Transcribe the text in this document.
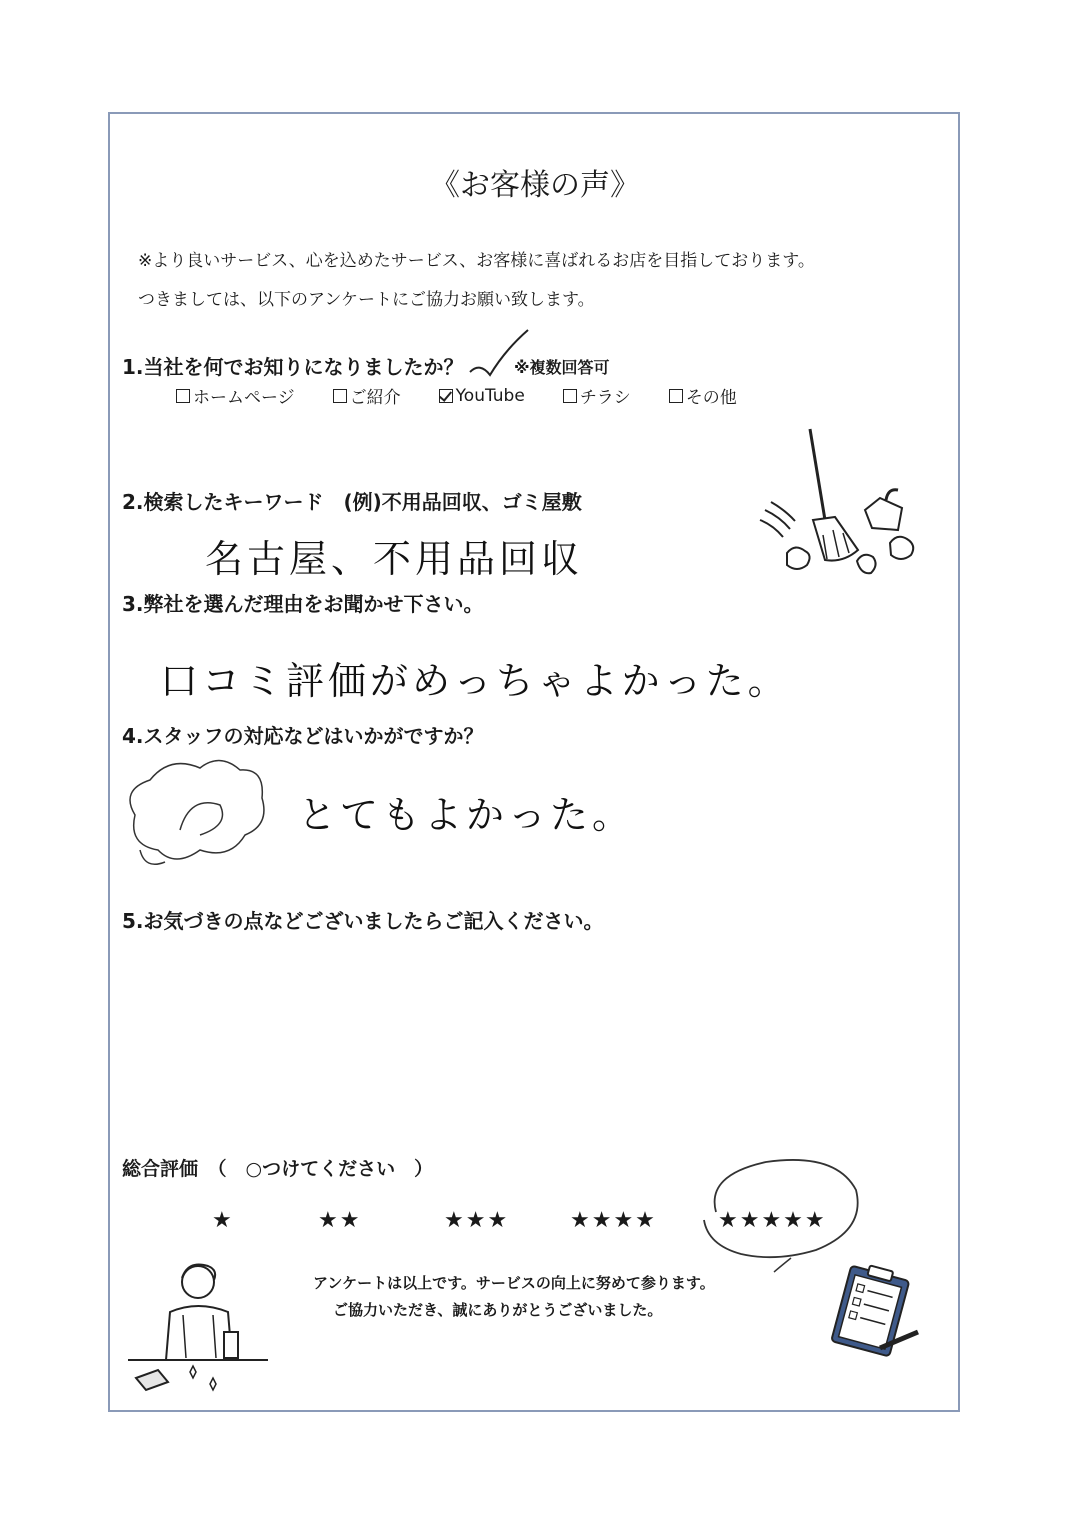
《お客様の声》
※より良いサービス、心を込めたサービス、お客様に喜ばれるお店を目指しております。
つきましては、以下のアンケートにご協力お願い致します。
1.当社を何でお知りになりましたか？	※複数回答可
ホームページ	ご紹介	YouTube	チラシ	その他
2.検索したキーワード　(例)不用品回収、ゴミ屋敷
名古屋、不用品回収
3.弊社を選んだ理由をお聞かせ下さい。
口コミ評価がめっちゃよかった。
4.スタッフの対応などはいかがですか？
とてもよかった。
5.お気づきの点などございましたらご記入ください。
総合評価　（　○つけてください　）
★	★★	★★★	★★★★	★★★★★
アンケートは以上です。サービスの向上に努めて参ります。
ご協力いただき、誠にありがとうございました。
